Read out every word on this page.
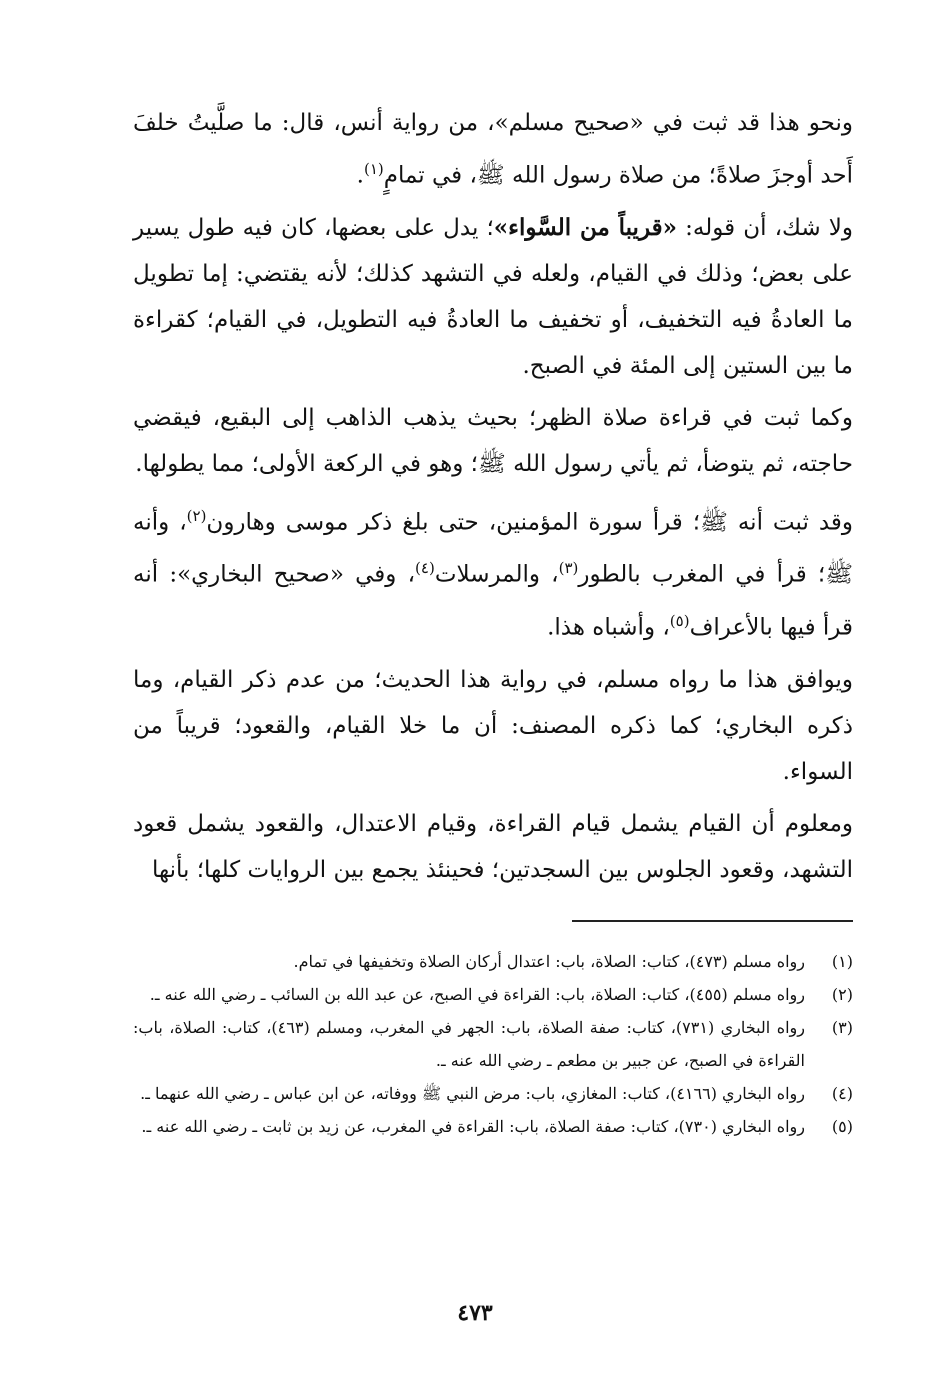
ونحو هذا قد ثبت في «صحيح مسلم»، من رواية أنس، قال: ما صلَّيتُ خلفَ أَحد أوجزَ صلاةً؛ من صلاة رسول الله ﷺ، في تمامٍ$^{(١)}$.

ولا شك، أن قوله: «قريباً من السَّواء»؛ يدل على بعضها، كان فيه طول يسير على بعض؛ وذلك في القيام، ولعله في التشهد كذلك؛ لأنه يقتضي: إما تطويل ما العادةُ فيه التخفيف، أو تخفيف ما العادةُ فيه التطويل، في القيام؛ كقراءة ما بين الستين إلى المئة في الصبح.

وكما ثبت في قراءة صلاة الظهر؛ بحيث يذهب الذاهب إلى البقيع، فيقضي حاجته، ثم يتوضأ، ثم يأتي رسول الله ﷺ؛ وهو في الركعة الأولى؛ مما يطولها.

وقد ثبت أنه ﷺ؛ قرأ سورة المؤمنين، حتى بلغ ذكر موسى وهارون$^{(٢)}$، وأنه ﷺ؛ قرأ في المغرب بالطور$^{(٣)}$، والمرسلات$^{(٤)}$، وفي «صحيح البخاري»: أنه قرأ فيها بالأعراف$^{(٥)}$، وأشباه هذا.

ويوافق هذا ما رواه مسلم، في رواية هذا الحديث؛ من عدم ذكر القيام، وما ذكره البخاري؛ كما ذكره المصنف: أن ما خلا القيام، والقعود؛ قريباً من السواء.

ومعلوم أن القيام يشمل قيام القراءة، وقيام الاعتدال، والقعود يشمل قعود التشهد، وقعود الجلوس بين السجدتين؛ فحينئذ يجمع بين الروايات كلها؛ بأنها

(١)
رواه مسلم (٤٧٣)، كتاب: الصلاة، باب: اعتدال أركان الصلاة وتخفيفها في تمام.
(٢)
رواه مسلم (٤٥٥)، كتاب: الصلاة، باب: القراءة في الصبح، عن عبد الله بن السائب ـ رضي الله عنه ـ.
(٣)
رواه البخاري (٧٣١)، كتاب: صفة الصلاة، باب: الجهر في المغرب، ومسلم (٤٦٣)، كتاب: الصلاة، باب: القراءة في الصبح، عن جبير بن مطعم ـ رضي الله عنه ـ.
(٤)
رواه البخاري (٤١٦٦)، كتاب: المغازي، باب: مرض النبي ﷺ ووفاته، عن ابن عباس ـ رضي الله عنهما ـ.
(٥)
رواه البخاري (٧٣٠)، كتاب: صفة الصلاة، باب: القراءة في المغرب، عن زيد بن ثابت ـ رضي الله عنه ـ.
٤٧٣
